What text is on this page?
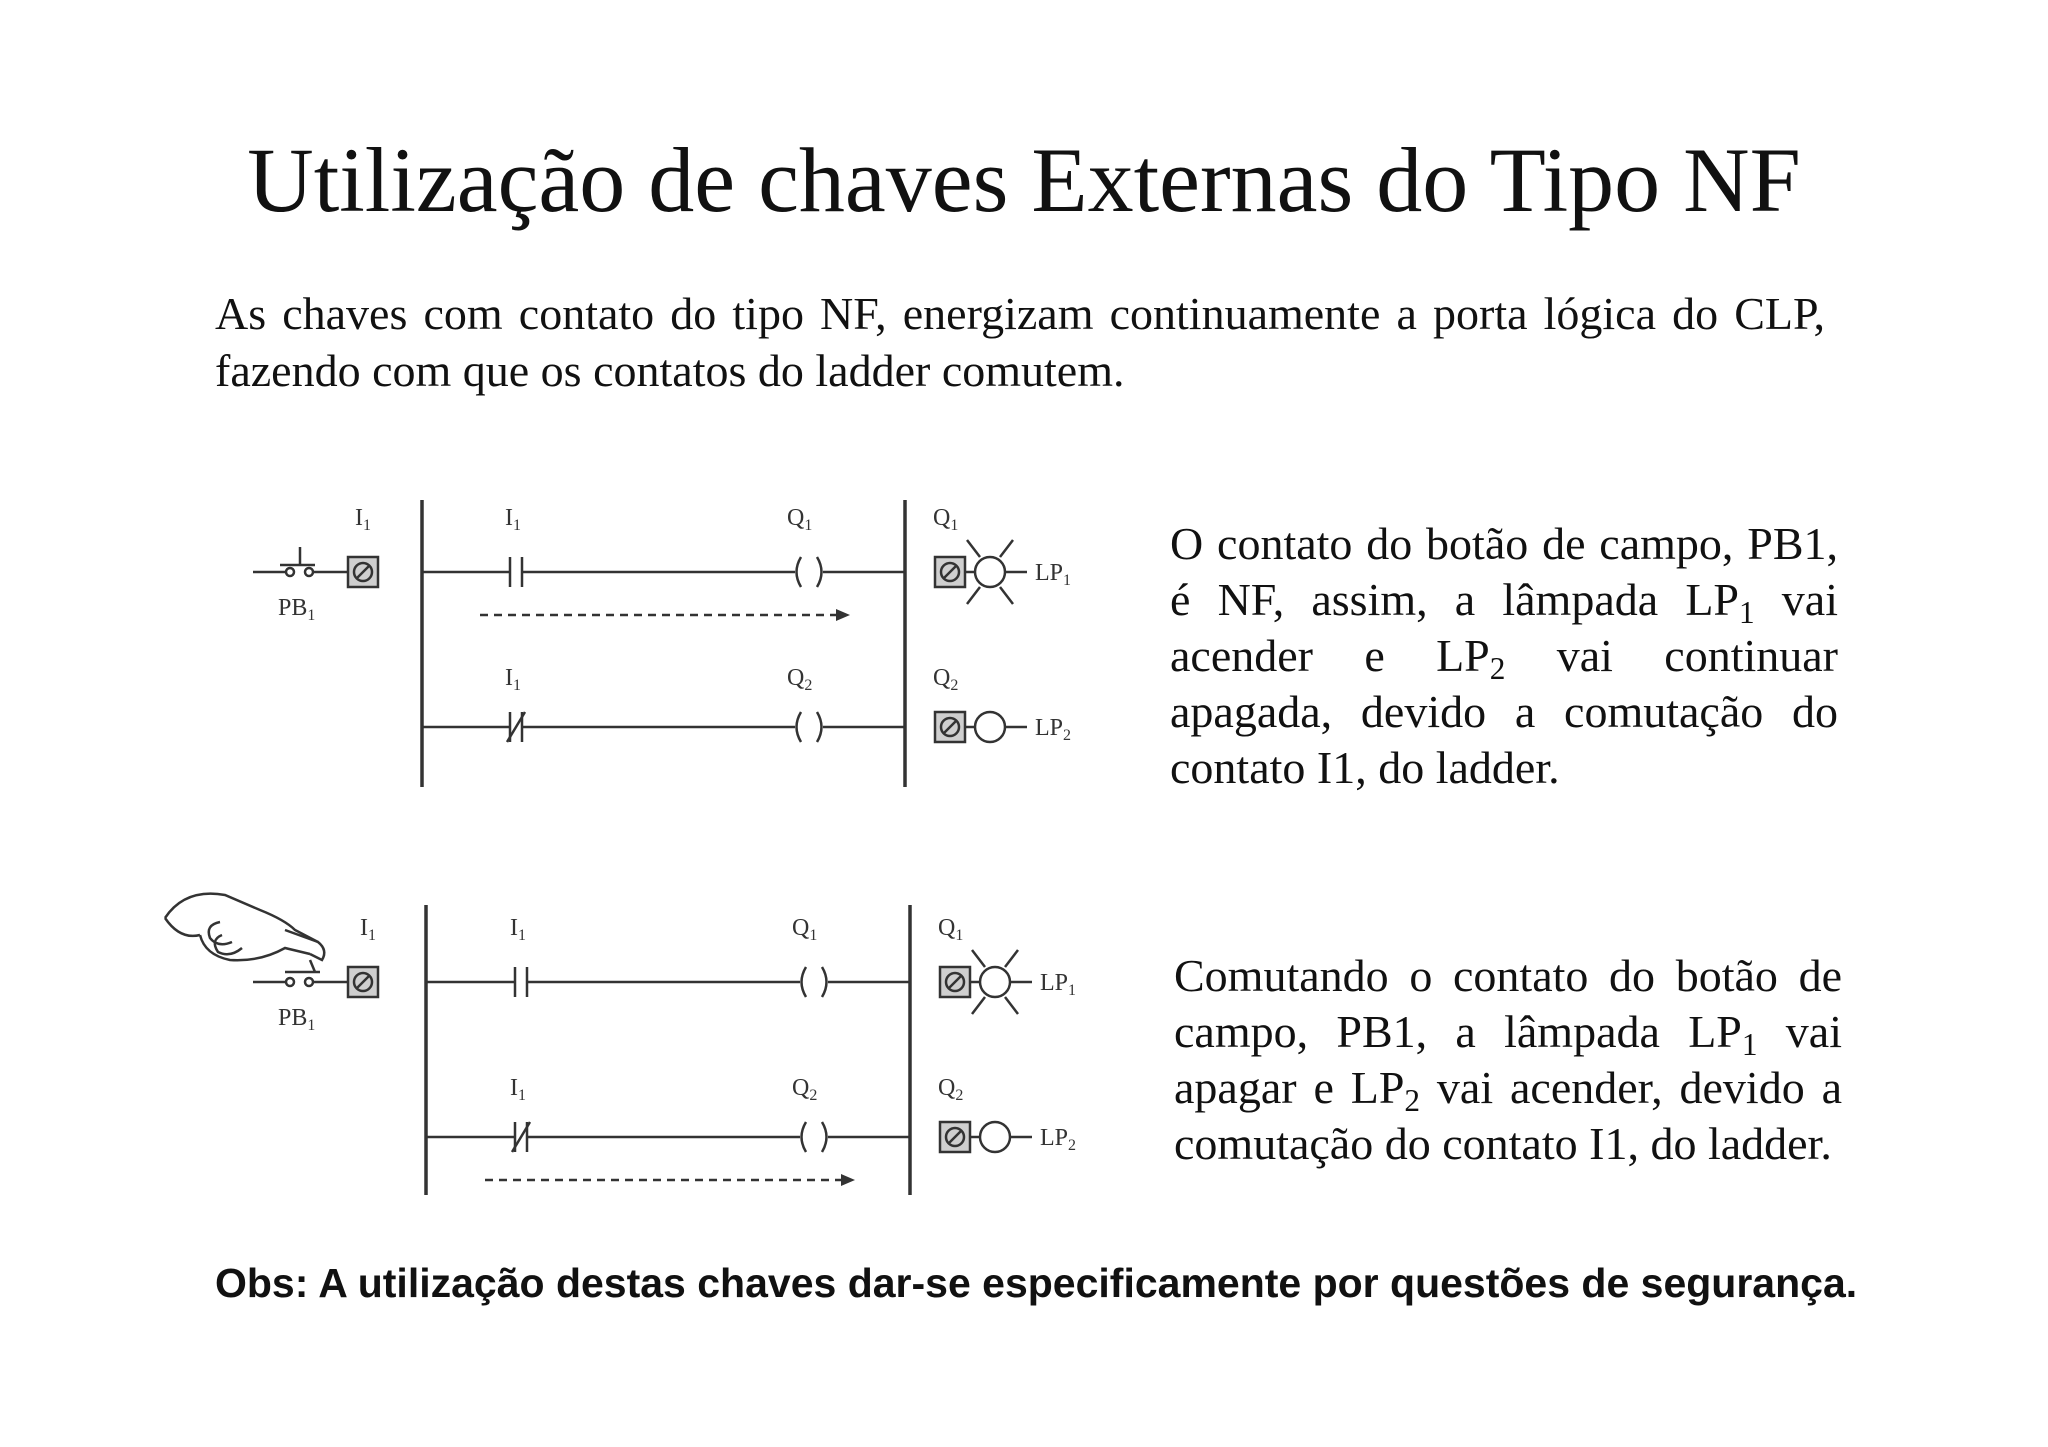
Utilização de chaves Externas do Tipo NF
As chaves com contato do tipo NF, energizam continuamente a porta lógica do CLP, fazendo com que os contatos do ladder comutem.
$I_1$
$PB_1$
$I_1$	$Q_1$	$Q_1$
$LP_1$
$I_1$	$Q_2$	$Q_2$
$LP_2$
$I_1$
$PB_1$
$I_1$	$Q_1$	$Q_1$
$LP_1$
$I_1$	$Q_2$	$Q_2$
$LP_2$
O contato do botão de campo, PB1, é NF, assim, a lâmpada $LP_1$ vai acender e $LP_2$ vai continuar apagada, devido a comutação do contato I1, do ladder.
Comutando o contato do botão de campo, PB1, a lâmpada $LP_1$ vai apagar e $LP_2$ vai acender, devido a comutação do contato I1, do ladder.
Obs: A utilização destas chaves dar-se especificamente por questões de segurança.
